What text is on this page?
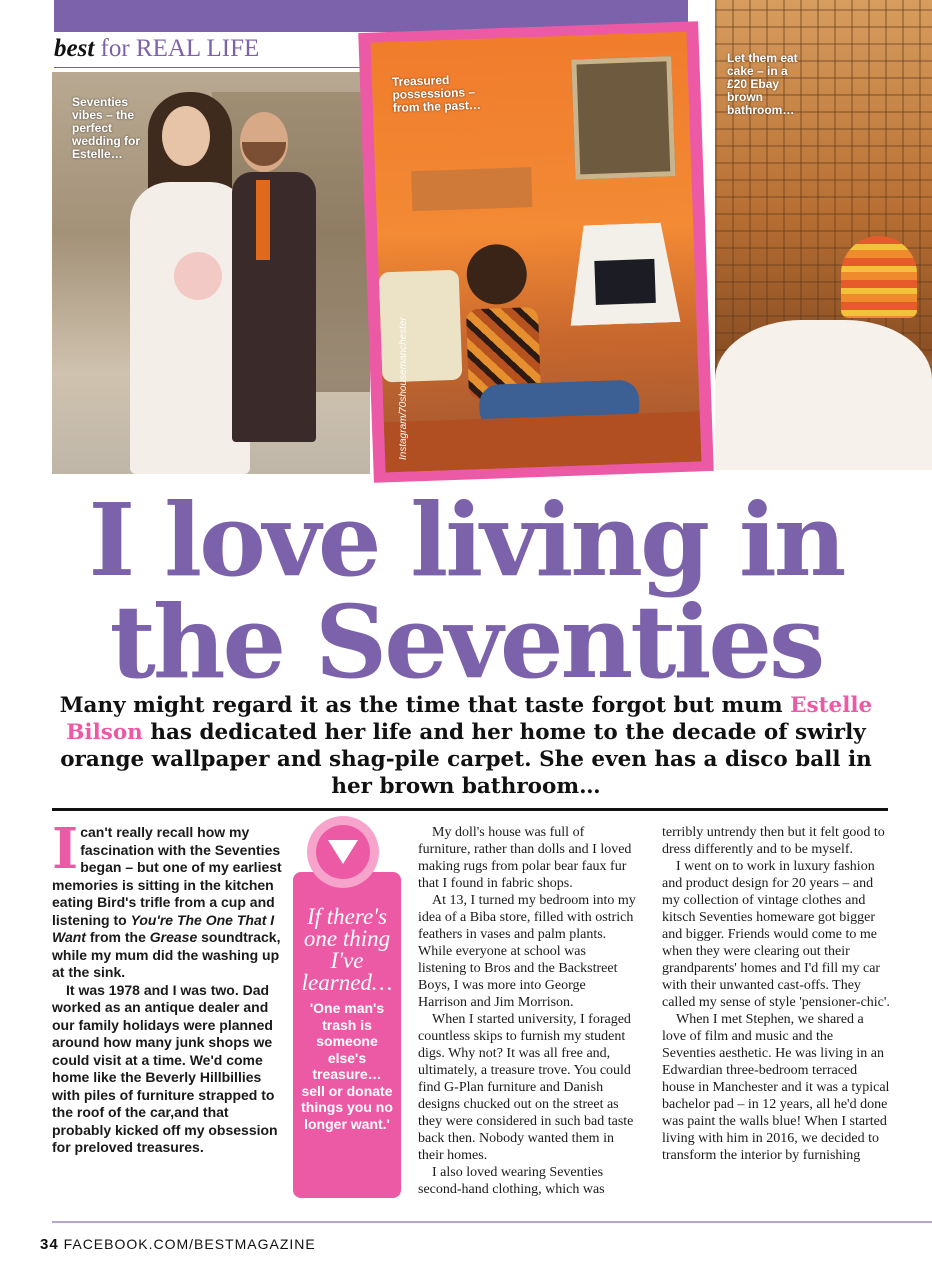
best for REAL LIFE
Seventies vibes – the perfect wedding for Estelle…
Let them eat cake – in a £20 Ebay brown bathroom…
Treasured possessions – from the past…
Instagram/70shousemanchester
I love living in
the Seventies
Many might regard it as the time that taste forgot but mum Estelle Bilson has dedicated her life and her home to the decade of swirly orange wallpaper and shag-pile carpet. She even has a disco ball in her brown bathroom…

Ican't really recall how my fascination with the Seventies began – but one of my earliest memories is sitting in the kitchen eating Bird's trifle from a cup and listening to You're The One That I Want from the Grease soundtrack, while my mum did the washing up at the sink.

It was 1978 and I was two. Dad worked as an antique dealer and our family holidays were planned around how many junk shops we could visit at a time. We'd come home like the Beverly Hillbillies with piles of furniture strapped to the roof of the car,and that probably kicked off my obsession for preloved treasures.

If there's one thing I've learned…
'One man's trash is someone else's treasure… sell or donate things you no longer want.'

My doll's house was full of furniture, rather than dolls and I loved making rugs from polar bear faux fur that I found in fabric shops.

At 13, I turned my bedroom into my idea of a Biba store, filled with ostrich feathers in vases and palm plants. While everyone at school was listening to Bros and the Backstreet Boys, I was more into George Harrison and Jim Morrison.

When I started university, I foraged countless skips to furnish my student digs. Why not? It was all free and, ultimately, a treasure trove. You could find G-Plan furniture and Danish designs chucked out on the street as they were considered in such bad taste back then. Nobody wanted them in their homes.

I also loved wearing Seventies second-hand clothing, which was

terribly untrendy then but it felt good to dress differently and to be myself.

I went on to work in luxury fashion and product design for 20 years – and my collection of vintage clothes and kitsch Seventies homeware got bigger and bigger. Friends would come to me when they were clearing out their grandparents' homes and I'd fill my car with their unwanted cast-offs. They called my sense of style 'pensioner-chic'.

When I met Stephen, we shared a love of film and music and the Seventies aesthetic. He was living in an Edwardian three-bedroom terraced house in Manchester and it was a typical bachelor pad – in 12 years, all he'd done was paint the walls blue! When I started living with him in 2016, we decided to transform the interior by furnishing

34 FACEBOOK.COM/BESTMAGAZINE
